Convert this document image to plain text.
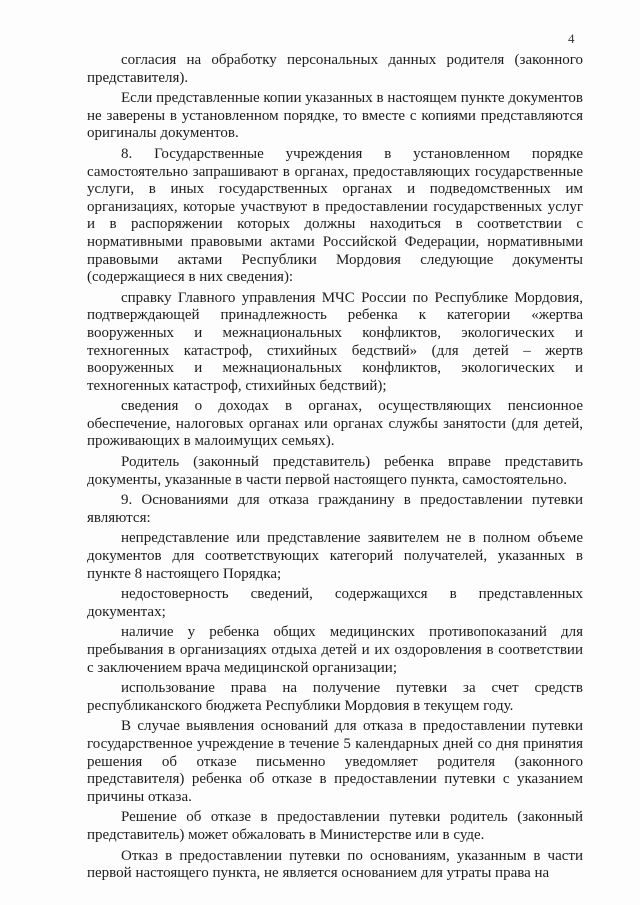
4

согласия на обработку персональных данных родителя (законного представителя).

Если представленные копии указанных в настоящем пункте документов не заверены в установленном порядке, то вместе с копиями представляются оригиналы документов.

8. Государственные учреждения в установленном порядке самостоятельно запрашивают в органах, предоставляющих государственные услуги, в иных государственных органах и подведомственных им организациях, которые участвуют в предоставлении государственных услуг и в распоряжении которых должны находиться в соответствии с нормативными правовыми актами Российской Федерации, нормативными правовыми актами Республики Мордовия следующие документы (содержащиеся в них сведения):

справку Главного управления МЧС России по Республике Мордовия, подтверждающей принадлежность ребенка к категории «жертва вооруженных и межнациональных конфликтов, экологических и техногенных катастроф, стихийных бедствий» (для детей – жертв вооруженных и межнациональных конфликтов, экологических и техногенных катастроф, стихийных бедствий);

сведения о доходах в органах, осуществляющих пенсионное обеспечение, налоговых органах или органах службы занятости (для детей, проживающих в малоимущих семьях).

Родитель (законный представитель) ребенка вправе представить документы, указанные в части первой настоящего пункта, самостоятельно.

9. Основаниями для отказа гражданину в предоставлении путевки являются:

непредставление или представление заявителем не в полном объеме документов для соответствующих категорий получателей, указанных в пункте 8 настоящего Порядка;

недостоверность сведений, содержащихся в представленных документах;

наличие у ребенка общих медицинских противопоказаний для пребывания в организациях отдыха детей и их оздоровления в соответствии с заключением врача медицинской организации;

использование права на получение путевки за счет средств республиканского бюджета Республики Мордовия в текущем году.

В случае выявления оснований для отказа в предоставлении путевки государственное учреждение в течение 5 календарных дней со дня принятия решения об отказе письменно уведомляет родителя (законного представителя) ребенка об отказе в предоставлении путевки с указанием причины отказа.

Решение об отказе в предоставлении путевки родитель (законный представитель) может обжаловать в Министерстве или в суде.

Отказ в предоставлении путевки по основаниям, указанным в части первой настоящего пункта, не является основанием для утраты права на
